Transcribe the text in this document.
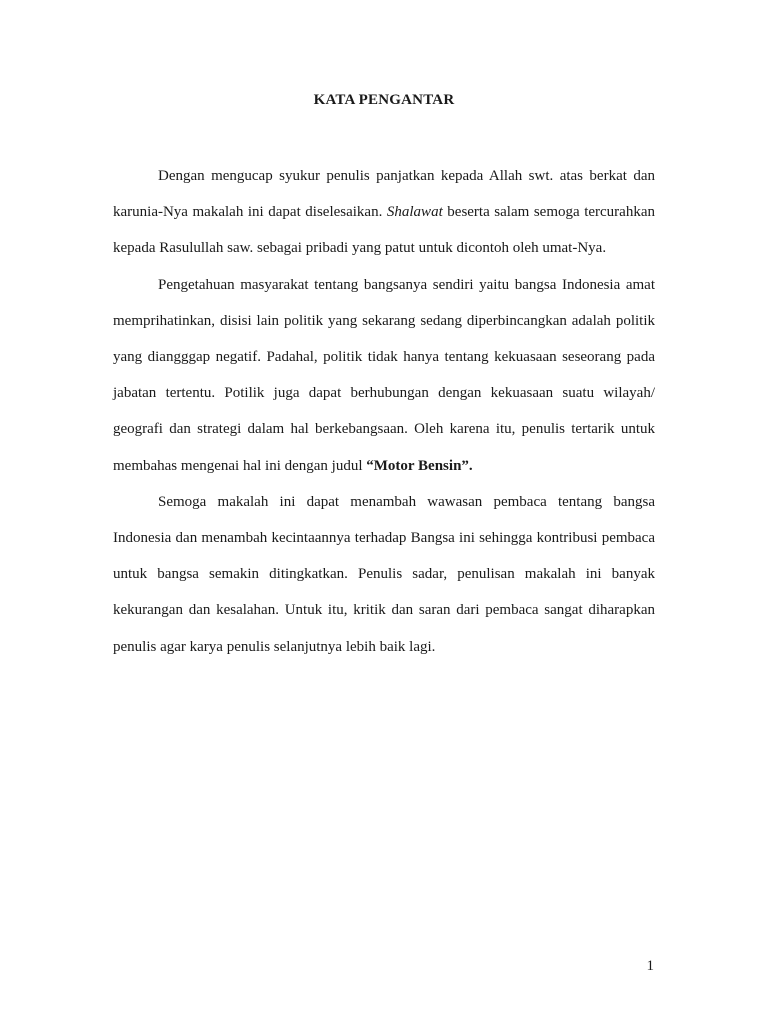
KATA PENGANTAR

Dengan mengucap syukur penulis panjatkan kepada Allah swt. atas berkat dan karunia-Nya makalah ini dapat diselesaikan. Shalawat beserta salam semoga tercurahkan kepada Rasulullah saw. sebagai pribadi yang patut untuk dicontoh oleh umat-Nya.

Pengetahuan masyarakat tentang bangsanya sendiri yaitu bangsa Indonesia amat memprihatinkan, disisi lain politik yang sekarang sedang diperbincangkan adalah politik yang diangggap negatif. Padahal, politik tidak hanya tentang kekuasaan seseorang pada jabatan tertentu. Potilik juga dapat berhubungan dengan kekuasaan suatu wilayah/ geografi dan strategi dalam hal berkebangsaan. Oleh karena itu, penulis tertarik untuk membahas mengenai hal ini dengan judul “Motor Bensin”.

Semoga makalah ini dapat menambah wawasan pembaca tentang bangsa Indonesia dan menambah kecintaannya terhadap Bangsa ini sehingga kontribusi pembaca untuk bangsa semakin ditingkatkan. Penulis sadar, penulisan makalah ini banyak kekurangan dan kesalahan. Untuk itu, kritik dan saran dari pembaca sangat diharapkan penulis agar karya penulis selanjutnya lebih baik lagi.

1
